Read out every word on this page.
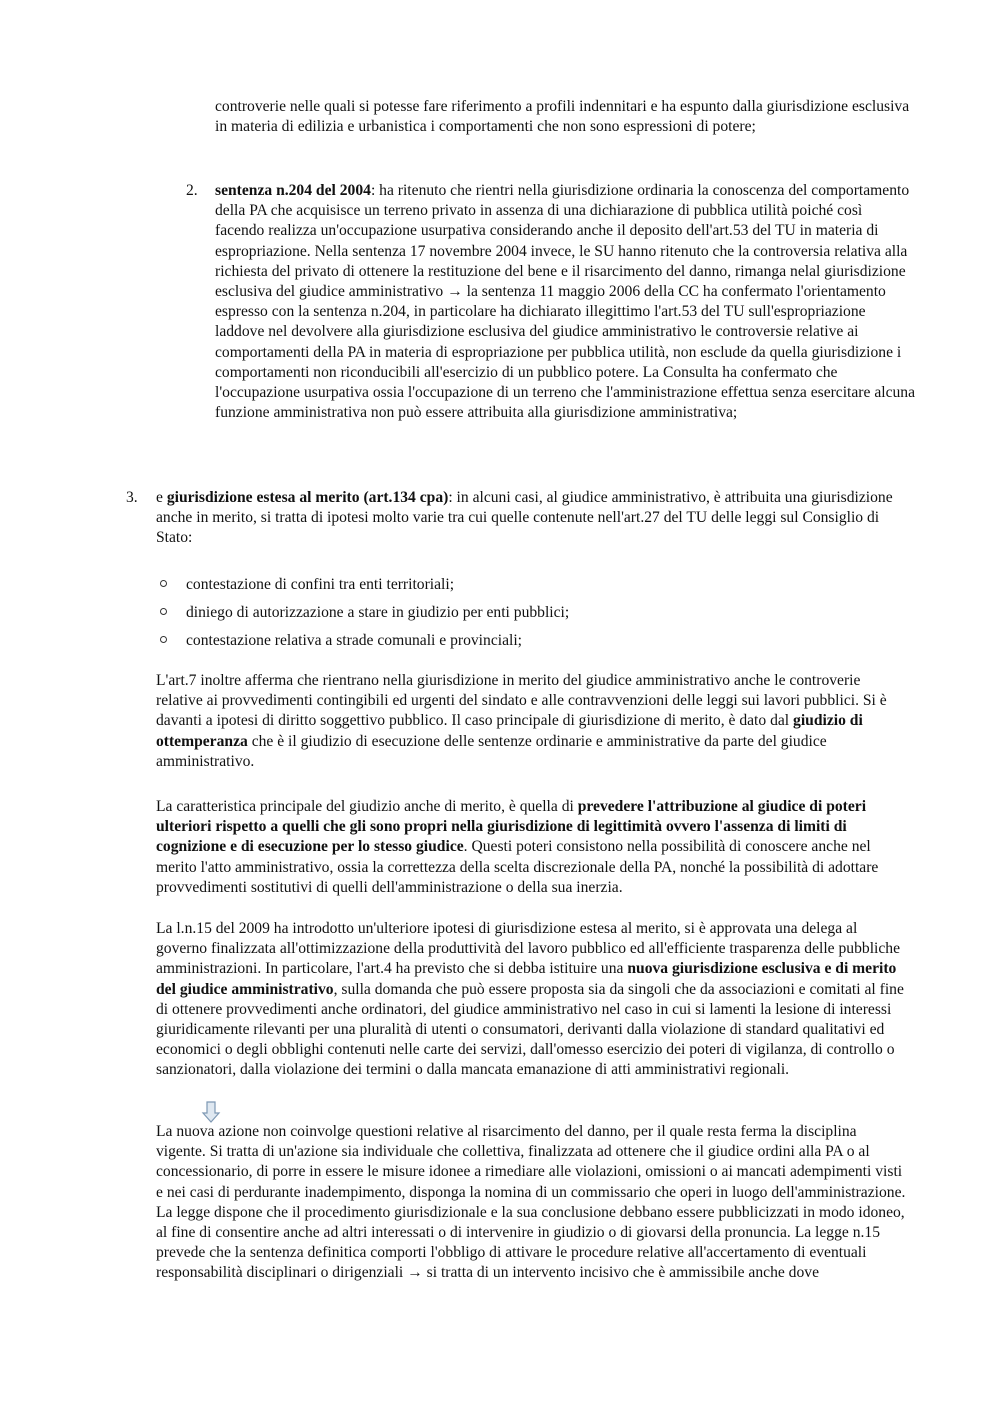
controverie nelle quali si potesse fare riferimento a profili indennitari e ha espunto dalla giurisdizione esclusiva in materia di edilizia e urbanistica i comportamenti che non sono espressioni di potere;

2. sentenza n.204 del 2004: ha ritenuto che rientri nella giurisdizione ordinaria la conoscenza del comportamento della PA che acquisisce un terreno privato in assenza di una dichiarazione di pubblica utilità poiché così facendo realizza un'occupazione usurpativa considerando anche il deposito dell'art.53 del TU in materia di espropriazione. Nella sentenza 17 novembre 2004 invece, le SU hanno ritenuto che la controversia relativa alla richiesta del privato di ottenere la restituzione del bene e il risarcimento del danno, rimanga nelal giurisdizione esclusiva del giudice amministrativo → la sentenza 11 maggio 2006 della CC ha confermato l'orientamento espresso con la sentenza n.204, in particolare ha dichiarato illegittimo l'art.53 del TU sull'espropriazione laddove nel devolvere alla giurisdizione esclusiva del giudice amministrativo le controversie relative ai comportamenti della PA in materia di espropriazione per pubblica utilità, non esclude da quella giurisdizione i comportamenti non riconducibili all'esercizio di un pubblico potere. La Consulta ha confermato che l'occupazione usurpativa ossia l'occupazione di un terreno che l'amministrazione effettua senza esercitare alcuna funzione amministrativa non può essere attribuita alla giurisdizione amministrativa;

3. e giurisdizione estesa al merito (art.134 cpa): in alcuni casi, al giudice amministrativo, è attribuita una giurisdizione anche in merito, si tratta di ipotesi molto varie tra cui quelle contenute nell'art.27 del TU delle leggi sul Consiglio di Stato:

contestazione di confini tra enti territoriali;
diniego di autorizzazione a stare in giudizio per enti pubblici;
contestazione relativa a strade comunali e provinciali;

L'art.7 inoltre afferma che rientrano nella giurisdizione in merito del giudice amministrativo anche le controverie relative ai provvedimenti contingibili ed urgenti del sindato e alle contravvenzioni delle leggi sui lavori pubblici. Si è davanti a ipotesi di diritto soggettivo pubblico. Il caso principale di giurisdizione di merito, è dato dal giudizio di ottemperanza che è il giudizio di esecuzione delle sentenze ordinarie e amministrative da parte del giudice amministrativo.

La caratteristica principale del giudizio anche di merito, è quella di prevedere l'attribuzione al giudice di poteri ulteriori rispetto a quelli che gli sono propri nella giurisdizione di legittimità ovvero l'assenza di limiti di cognizione e di esecuzione per lo stesso giudice. Questi poteri consistono nella possibilità di conoscere anche nel merito l'atto amministrativo, ossia la correttezza della scelta discrezionale della PA, nonché la possibilità di adottare provvedimenti sostitutivi di quelli dell'amministrazione o della sua inerzia.

La l.n.15 del 2009 ha introdotto un'ulteriore ipotesi di giurisdizione estesa al merito, si è approvata una delega al governo finalizzata all'ottimizzazione della produttività del lavoro pubblico ed all'efficiente trasparenza delle pubbliche amministrazioni. In particolare, l'art.4 ha previsto che si debba istituire una nuova giurisdizione esclusiva e di merito del giudice amministrativo, sulla domanda che può essere proposta sia da singoli che da associazioni e comitati al fine di ottenere provvedimenti anche ordinatori, del giudice amministrativo nel caso in cui si lamenti la lesione di interessi giuridicamente rilevanti per una pluralità di utenti o consumatori, derivanti dalla violazione di standard qualitativi ed economici o degli obblighi contenuti nelle carte dei servizi, dall'omesso esercizio dei poteri di vigilanza, di controllo o sanzionatori, dalla violazione dei termini o dalla mancata emanazione di atti amministrativi regionali.

La nuova azione non coinvolge questioni relative al risarcimento del danno, per il quale resta ferma la disciplina vigente. Si tratta di un'azione sia individuale che collettiva, finalizzata ad ottenere che il giudice ordini alla PA o al concessionario, di porre in essere le misure idonee a rimediare alle violazioni, omissioni o ai mancati adempimenti visti e nei casi di perdurante inadempimento, disponga la nomina di un commissario che operi in luogo dell'amministrazione. La legge dispone che il procedimento giurisdizionale e la sua conclusione debbano essere pubblicizzati in modo idoneo, al fine di consentire anche ad altri interessati o di intervenire in giudizio o di giovarsi della pronuncia. La legge n.15 prevede che la sentenza definitica comporti l'obbligo di attivare le procedure relative all'accertamento di eventuali responsabilità disciplinari o dirigenziali → si tratta di un intervento incisivo che è ammissibile anche dove
